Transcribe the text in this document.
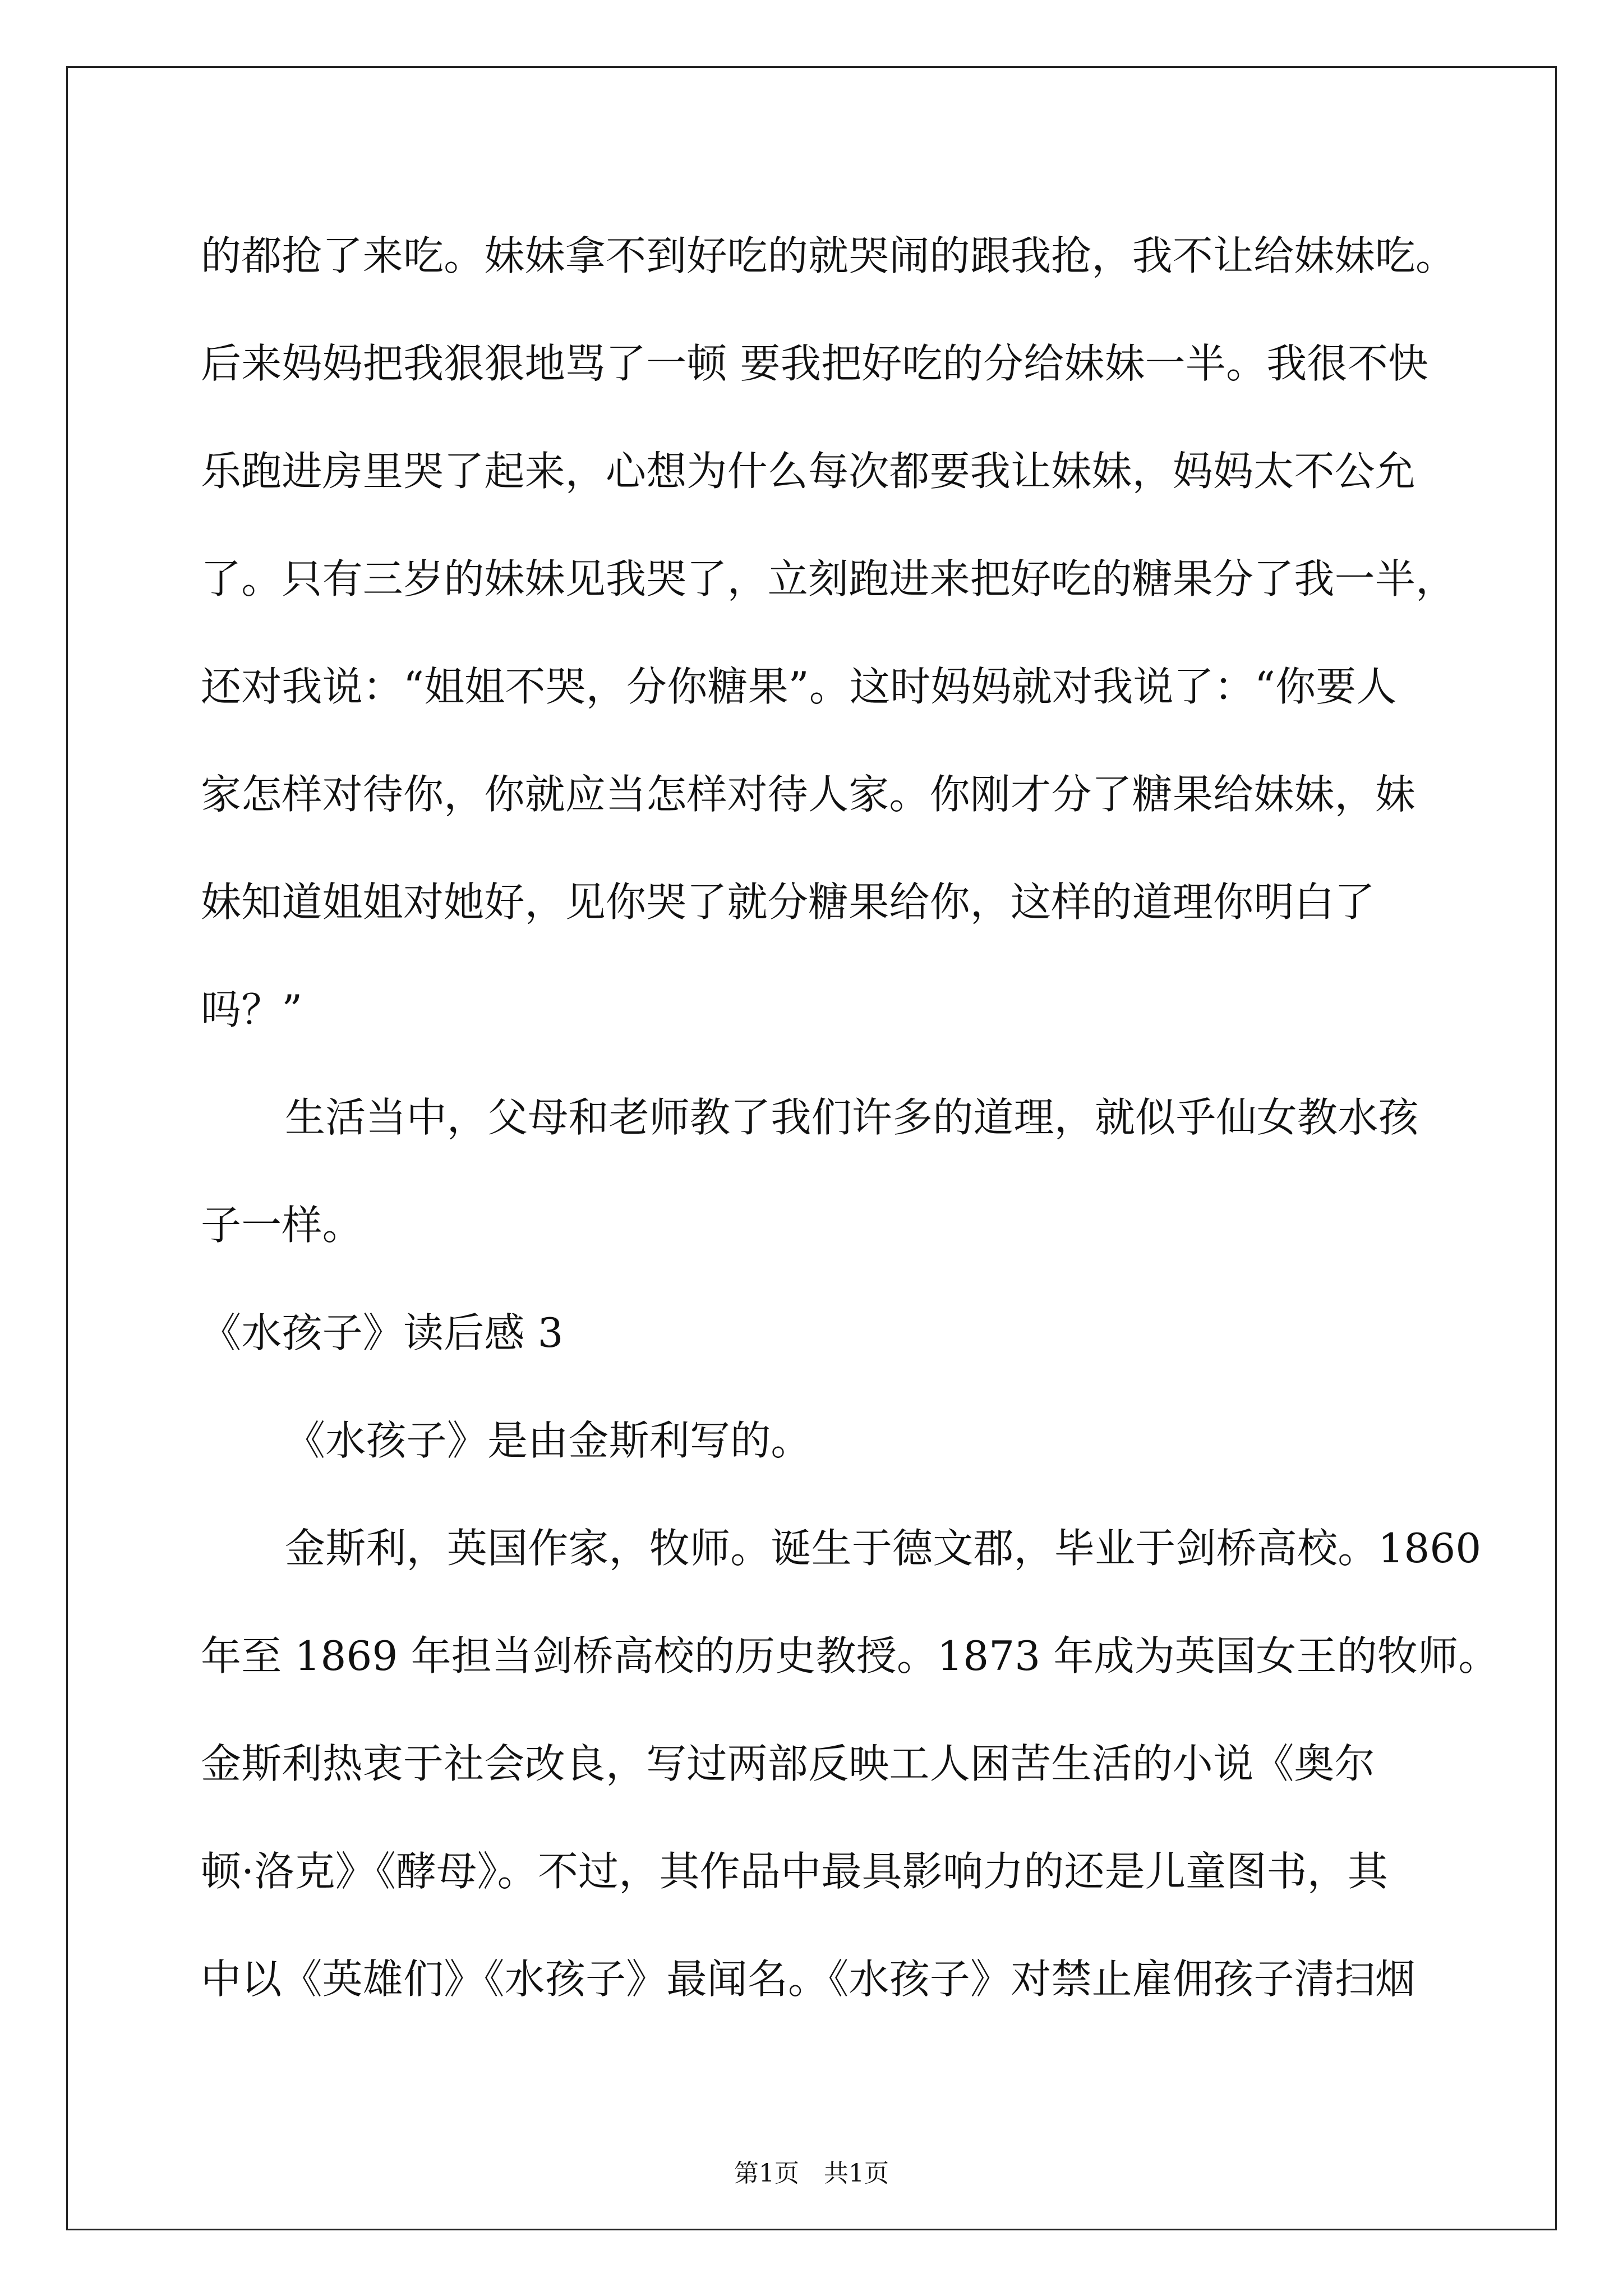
的都抢了来吃。妹妹拿不到好吃的就哭闹的跟我抢，我不让给妹妹吃。
后来妈妈把我狠狠地骂了一顿 要我把好吃的分给妹妹一半。我很不快
乐跑进房里哭了起来，心想为什么每次都要我让妹妹，妈妈太不公允
了。只有三岁的妹妹见我哭了，立刻跑进来把好吃的糖果分了我一半，
还对我说：“姐姐不哭，分你糖果”。这时妈妈就对我说了：“你要人
家怎样对待你，你就应当怎样对待人家。你刚才分了糖果给妹妹，妹
妹知道姐姐对她好，见你哭了就分糖果给你，这样的道理你明白了
吗？”
生活当中，父母和老师教了我们许多的道理，就似乎仙女教水孩
子一样。
《水孩子》读后感 3
《水孩子》是由金斯利写的。
金斯利，英国作家，牧师。诞生于德文郡，毕业于剑桥高校。1860
年至 1869 年担当剑桥高校的历史教授。1873 年成为英国女王的牧师。
金斯利热衷于社会改良，写过两部反映工人困苦生活的小说《奥尔
顿·洛克》《酵母》。不过，其作品中最具影响力的还是儿童图书，其
中以《英雄们》《水孩子》最闻名。《水孩子》对禁止雇佣孩子清扫烟
第1页　共1页
